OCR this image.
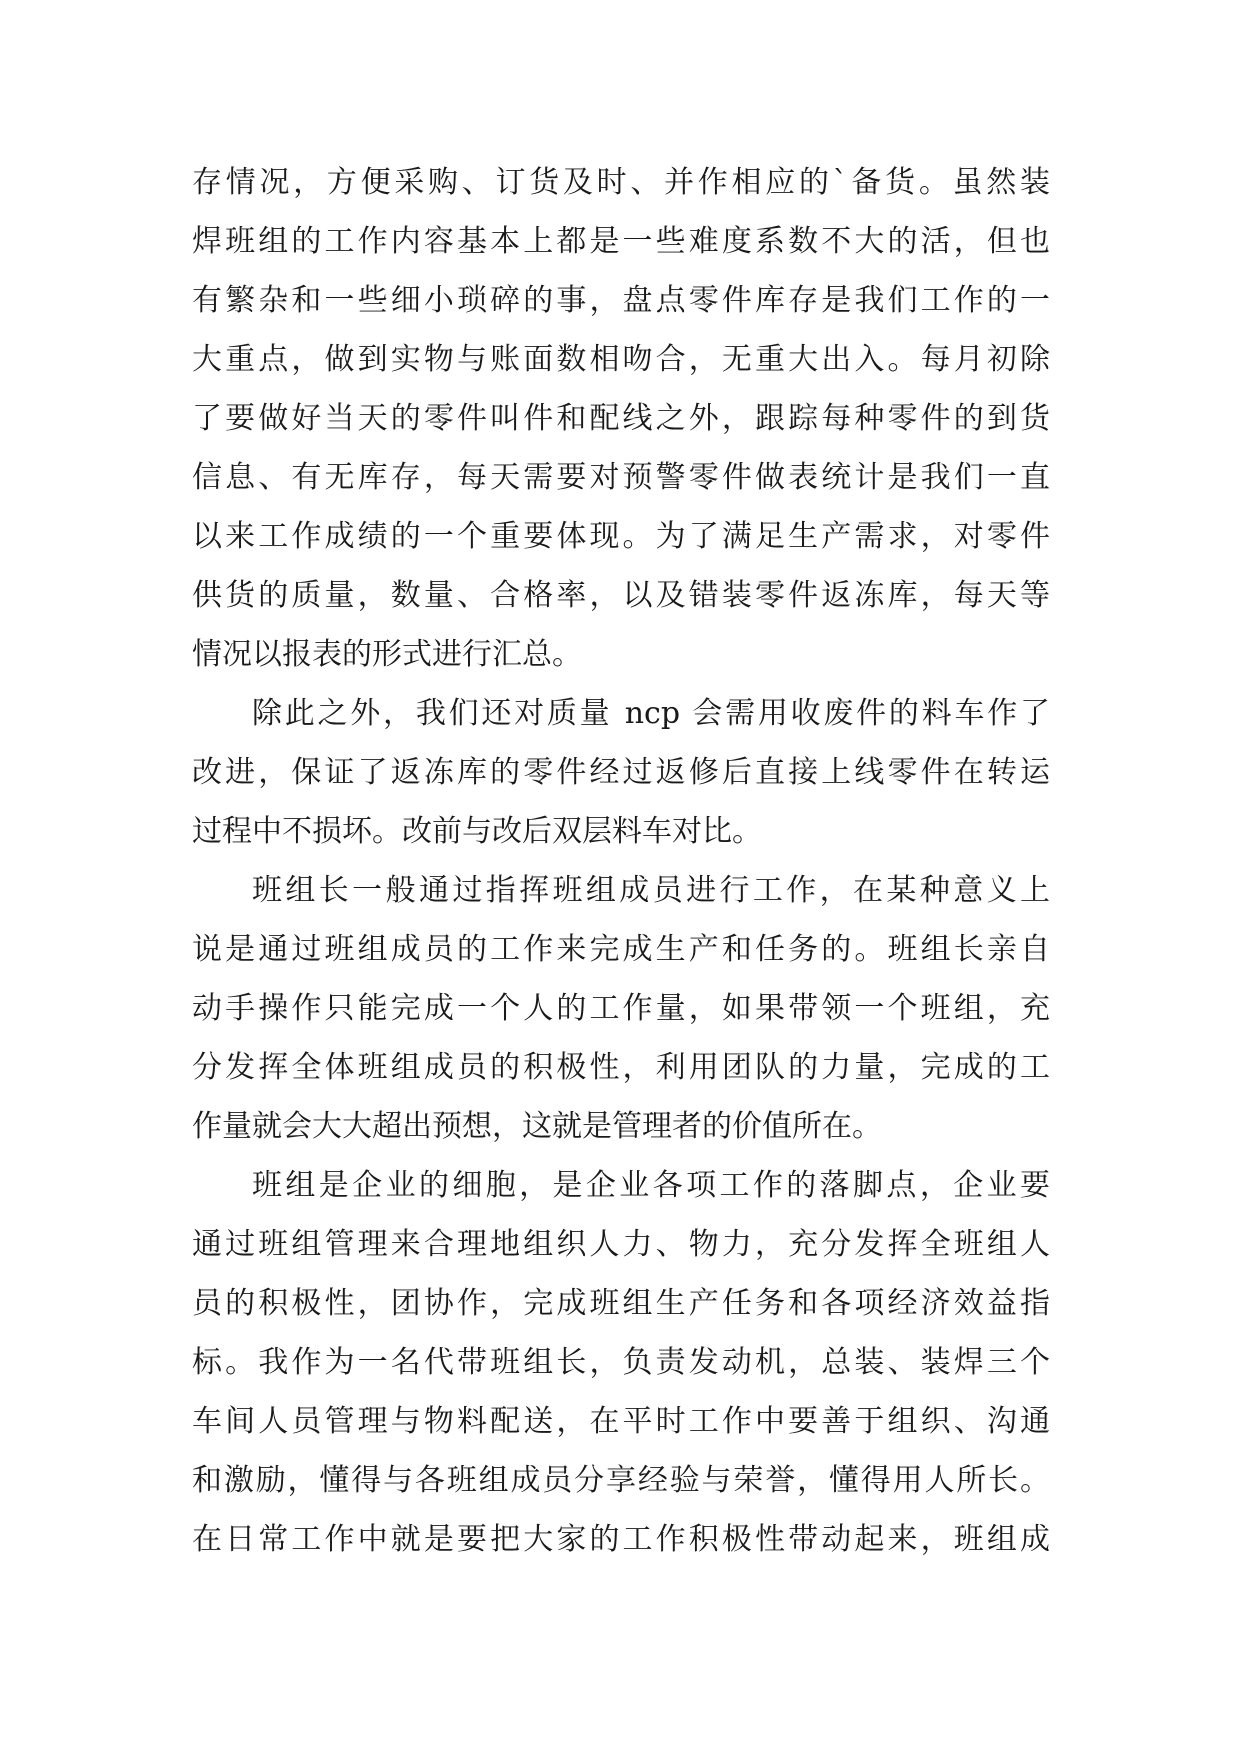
存情况，方便采购、订货及时、并作相应的`备货。虽然装
焊班组的工作内容基本上都是一些难度系数不大的活，但也
有繁杂和一些细小琐碎的事，盘点零件库存是我们工作的一
大重点，做到实物与账面数相吻合，无重大出入。每月初除
了要做好当天的零件叫件和配线之外，跟踪每种零件的到货
信息、有无库存，每天需要对预警零件做表统计是我们一直
以来工作成绩的一个重要体现。为了满足生产需求，对零件
供货的质量，数量、合格率，以及错装零件返冻库，每天等
情况以报表的形式进行汇总。
除此之外，我们还对质量 ncp 会需用收废件的料车作了
改进，保证了返冻库的零件经过返修后直接上线零件在转运
过程中不损坏。改前与改后双层料车对比。
班组长一般通过指挥班组成员进行工作，在某种意义上
说是通过班组成员的工作来完成生产和任务的。班组长亲自
动手操作只能完成一个人的工作量，如果带领一个班组，充
分发挥全体班组成员的积极性，利用团队的力量，完成的工
作量就会大大超出预想，这就是管理者的价值所在。
班组是企业的细胞，是企业各项工作的落脚点，企业要
通过班组管理来合理地组织人力、物力，充分发挥全班组人
员的积极性，团协作，完成班组生产任务和各项经济效益指
标。我作为一名代带班组长，负责发动机，总装、装焊三个
车间人员管理与物料配送，在平时工作中要善于组织、沟通
和激励，懂得与各班组成员分享经验与荣誉，懂得用人所长。
在日常工作中就是要把大家的工作积极性带动起来，班组成
